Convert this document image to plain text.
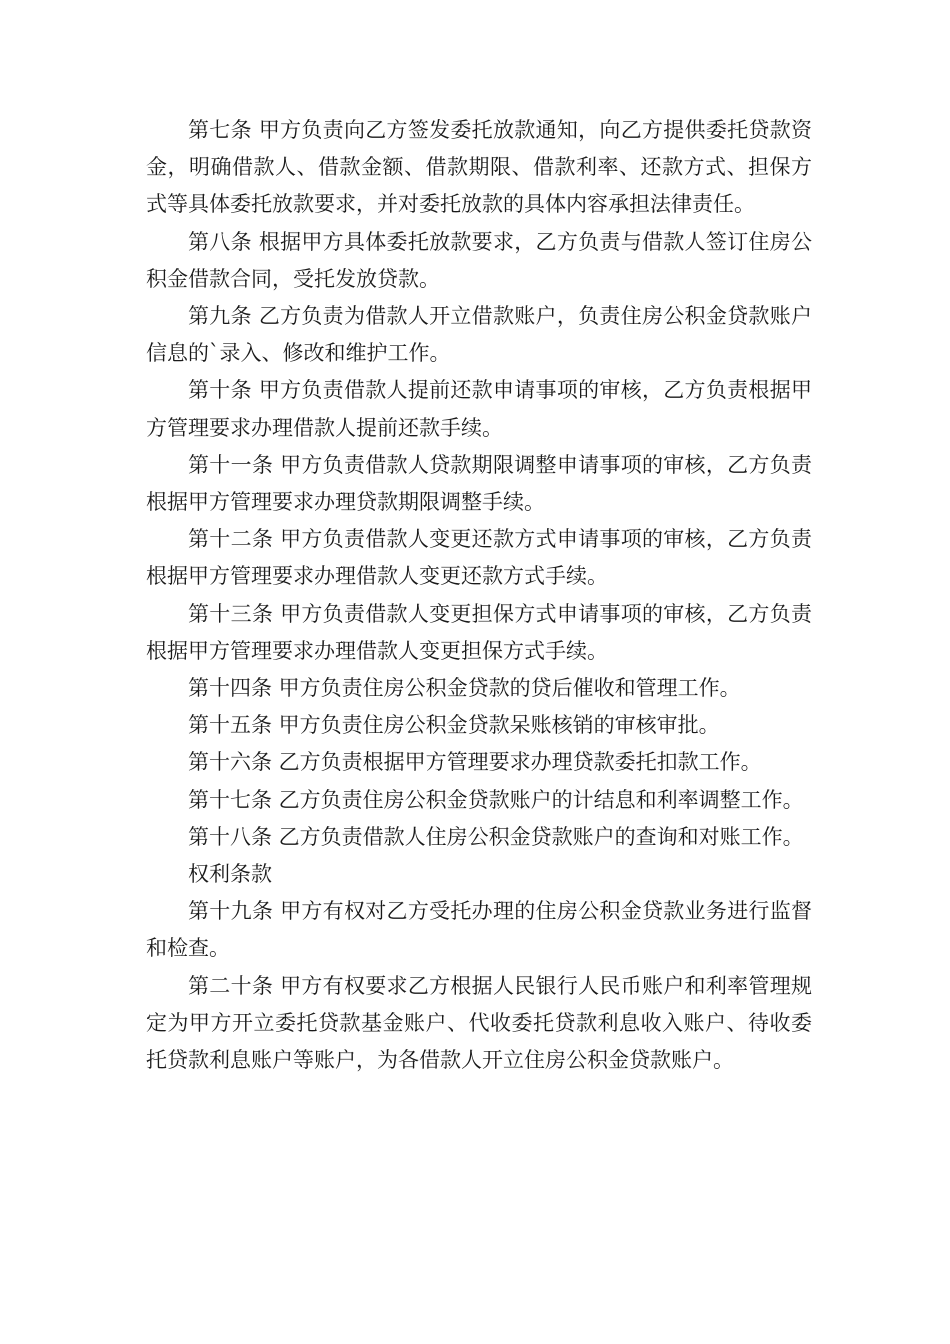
第七条 甲方负责向乙方签发委托放款通知，向乙方提供委托贷款资金，明确借款人、借款金额、借款期限、借款利率、还款方式、担保方式等具体委托放款要求，并对委托放款的具体内容承担法律责任。

第八条 根据甲方具体委托放款要求，乙方负责与借款人签订住房公积金借款合同，受托发放贷款。

第九条 乙方负责为借款人开立借款账户，负责住房公积金贷款账户信息的`录入、修改和维护工作。

第十条 甲方负责借款人提前还款申请事项的审核，乙方负责根据甲方管理要求办理借款人提前还款手续。

第十一条 甲方负责借款人贷款期限调整申请事项的审核，乙方负责根据甲方管理要求办理贷款期限调整手续。

第十二条 甲方负责借款人变更还款方式申请事项的审核，乙方负责根据甲方管理要求办理借款人变更还款方式手续。

第十三条 甲方负责借款人变更担保方式申请事项的审核，乙方负责根据甲方管理要求办理借款人变更担保方式手续。

第十四条 甲方负责住房公积金贷款的贷后催收和管理工作。

第十五条 甲方负责住房公积金贷款呆账核销的审核审批。

第十六条 乙方负责根据甲方管理要求办理贷款委托扣款工作。

第十七条 乙方负责住房公积金贷款账户的计结息和利率调整工作。

第十八条 乙方负责借款人住房公积金贷款账户的查询和对账工作。

权利条款

第十九条 甲方有权对乙方受托办理的住房公积金贷款业务进行监督和检查。

第二十条 甲方有权要求乙方根据人民银行人民币账户和利率管理规定为甲方开立委托贷款基金账户、代收委托贷款利息收入账户、待收委托贷款利息账户等账户，为各借款人开立住房公积金贷款账户。
